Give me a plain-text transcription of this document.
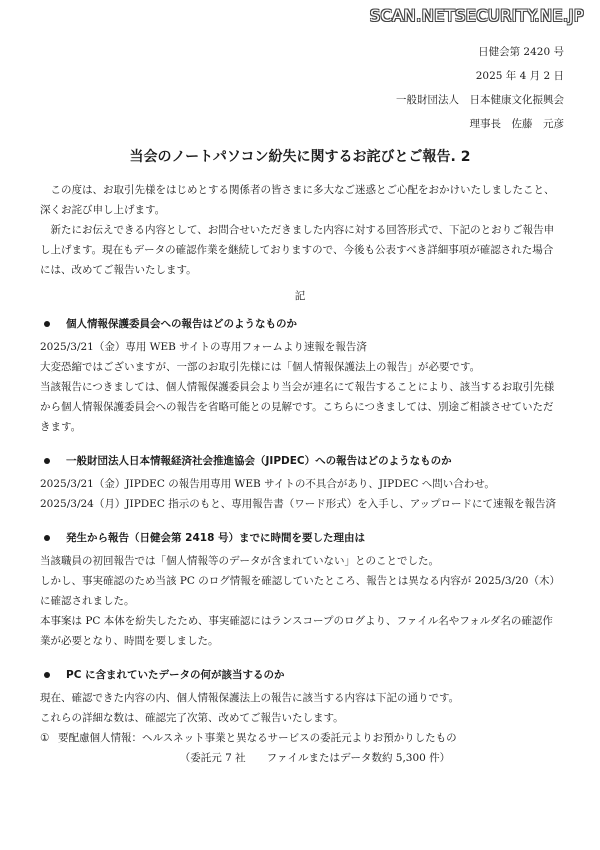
SCAN.NETSECURITY.NE.JP
日健会第 2420 号
2025 年 4 月 2 日
一般財団法人　日本健康文化振興会
理事長　佐藤　元彦
当会のノートパソコン紛失に関するお詫びとご報告. 2

この度は、お取引先様をはじめとする関係者の皆さまに多大なご迷惑とご心配をおかけいたしましたこと、深くお詫び申し上げます。

新たにお伝えできる内容として、お問合せいただきました内容に対する回答形式で、下記のとおりご報告申し上げます。現在もデータの確認作業を継続しておりますので、今後も公表すべき詳細事項が確認された場合には、改めてご報告いたします。

記

個人情報保護委員会への報告はどのようなものか

2025/3/21（金）専用 WEB サイトの専用フォームより速報を報告済

大変恐縮ではございますが、一部のお取引先様には「個人情報保護法上の報告」が必要です。

当該報告につきましては、個人情報保護委員会より当会が連名にて報告することにより、該当するお取引先様から個人情報保護委員会への報告を省略可能との見解です。こちらにつきましては、別途ご相談させていただきます。

一般財団法人日本情報経済社会推進協会（JIPDEC）への報告はどのようなものか

2025/3/21（金）JIPDEC の報告用専用 WEB サイトの不具合があり、JIPDEC へ問い合わせ。

2025/3/24（月）JIPDEC 指示のもと、専用報告書（ワード形式）を入手し、アップロードにて速報を報告済

発生から報告（日健会第 2418 号）までに時間を要した理由は

当該職員の初回報告では「個人情報等のデータが含まれていない」とのことでした。

しかし、事実確認のため当該 PC のログ情報を確認していたところ、報告とは異なる内容が 2025/3/20（木）に確認されました。

本事案は PC 本体を紛失したため、事実確認にはランスコープのログより、ファイル名やフォルダ名の確認作業が必要となり、時間を要しました。

PC に含まれていたデータの何が該当するのか

現在、確認できた内容の内、個人情報保護法上の報告に該当する内容は下記の通りです。

これらの詳細な数は、確認完了次第、改めてご報告いたします。

① 要配慮個人情報：ヘルスネット事業と異なるサービスの委託元よりお預かりしたもの

（委託元 7 社　　ファイルまたはデータ数約 5,300 件）
